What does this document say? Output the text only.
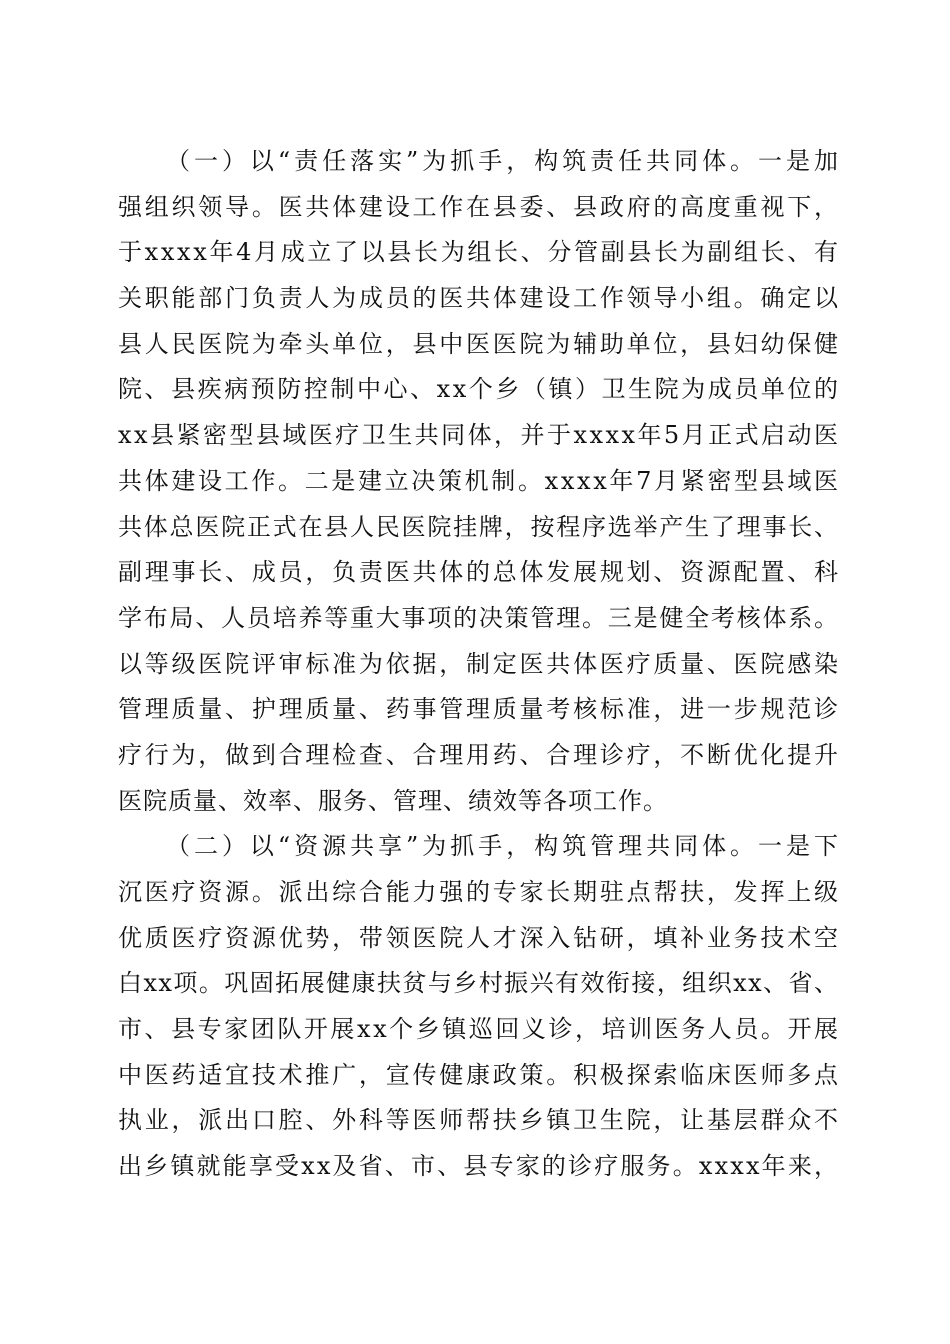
（一）以“责任落实”为抓手，构筑责任共同体。一是加
强组织领导。医共体建设工作在县委、县政府的高度重视下，
于xxxx年4月成立了以县长为组长、分管副县长为副组长、有
关职能部门负责人为成员的医共体建设工作领导小组。确定以
县人民医院为牵头单位，县中医医院为辅助单位，县妇幼保健
院、县疾病预防控制中心、xx个乡（镇）卫生院为成员单位的
xx县紧密型县域医疗卫生共同体，并于xxxx年5月正式启动医
共体建设工作。二是建立决策机制。xxxx年7月紧密型县域医
共体总医院正式在县人民医院挂牌，按程序选举产生了理事长、
副理事长、成员，负责医共体的总体发展规划、资源配置、科
学布局、人员培养等重大事项的决策管理。三是健全考核体系。
以等级医院评审标准为依据，制定医共体医疗质量、医院感染
管理质量、护理质量、药事管理质量考核标准，进一步规范诊
疗行为，做到合理检查、合理用药、合理诊疗，不断优化提升
医院质量、效率、服务、管理、绩效等各项工作。
（二）以“资源共享”为抓手，构筑管理共同体。一是下
沉医疗资源。派出综合能力强的专家长期驻点帮扶，发挥上级
优质医疗资源优势，带领医院人才深入钻研，填补业务技术空
白xx项。巩固拓展健康扶贫与乡村振兴有效衔接，组织xx、省、
市、县专家团队开展xx个乡镇巡回义诊，培训医务人员。开展
中医药适宜技术推广，宣传健康政策。积极探索临床医师多点
执业，派出口腔、外科等医师帮扶乡镇卫生院，让基层群众不
出乡镇就能享受xx及省、市、县专家的诊疗服务。xxxx年来，
